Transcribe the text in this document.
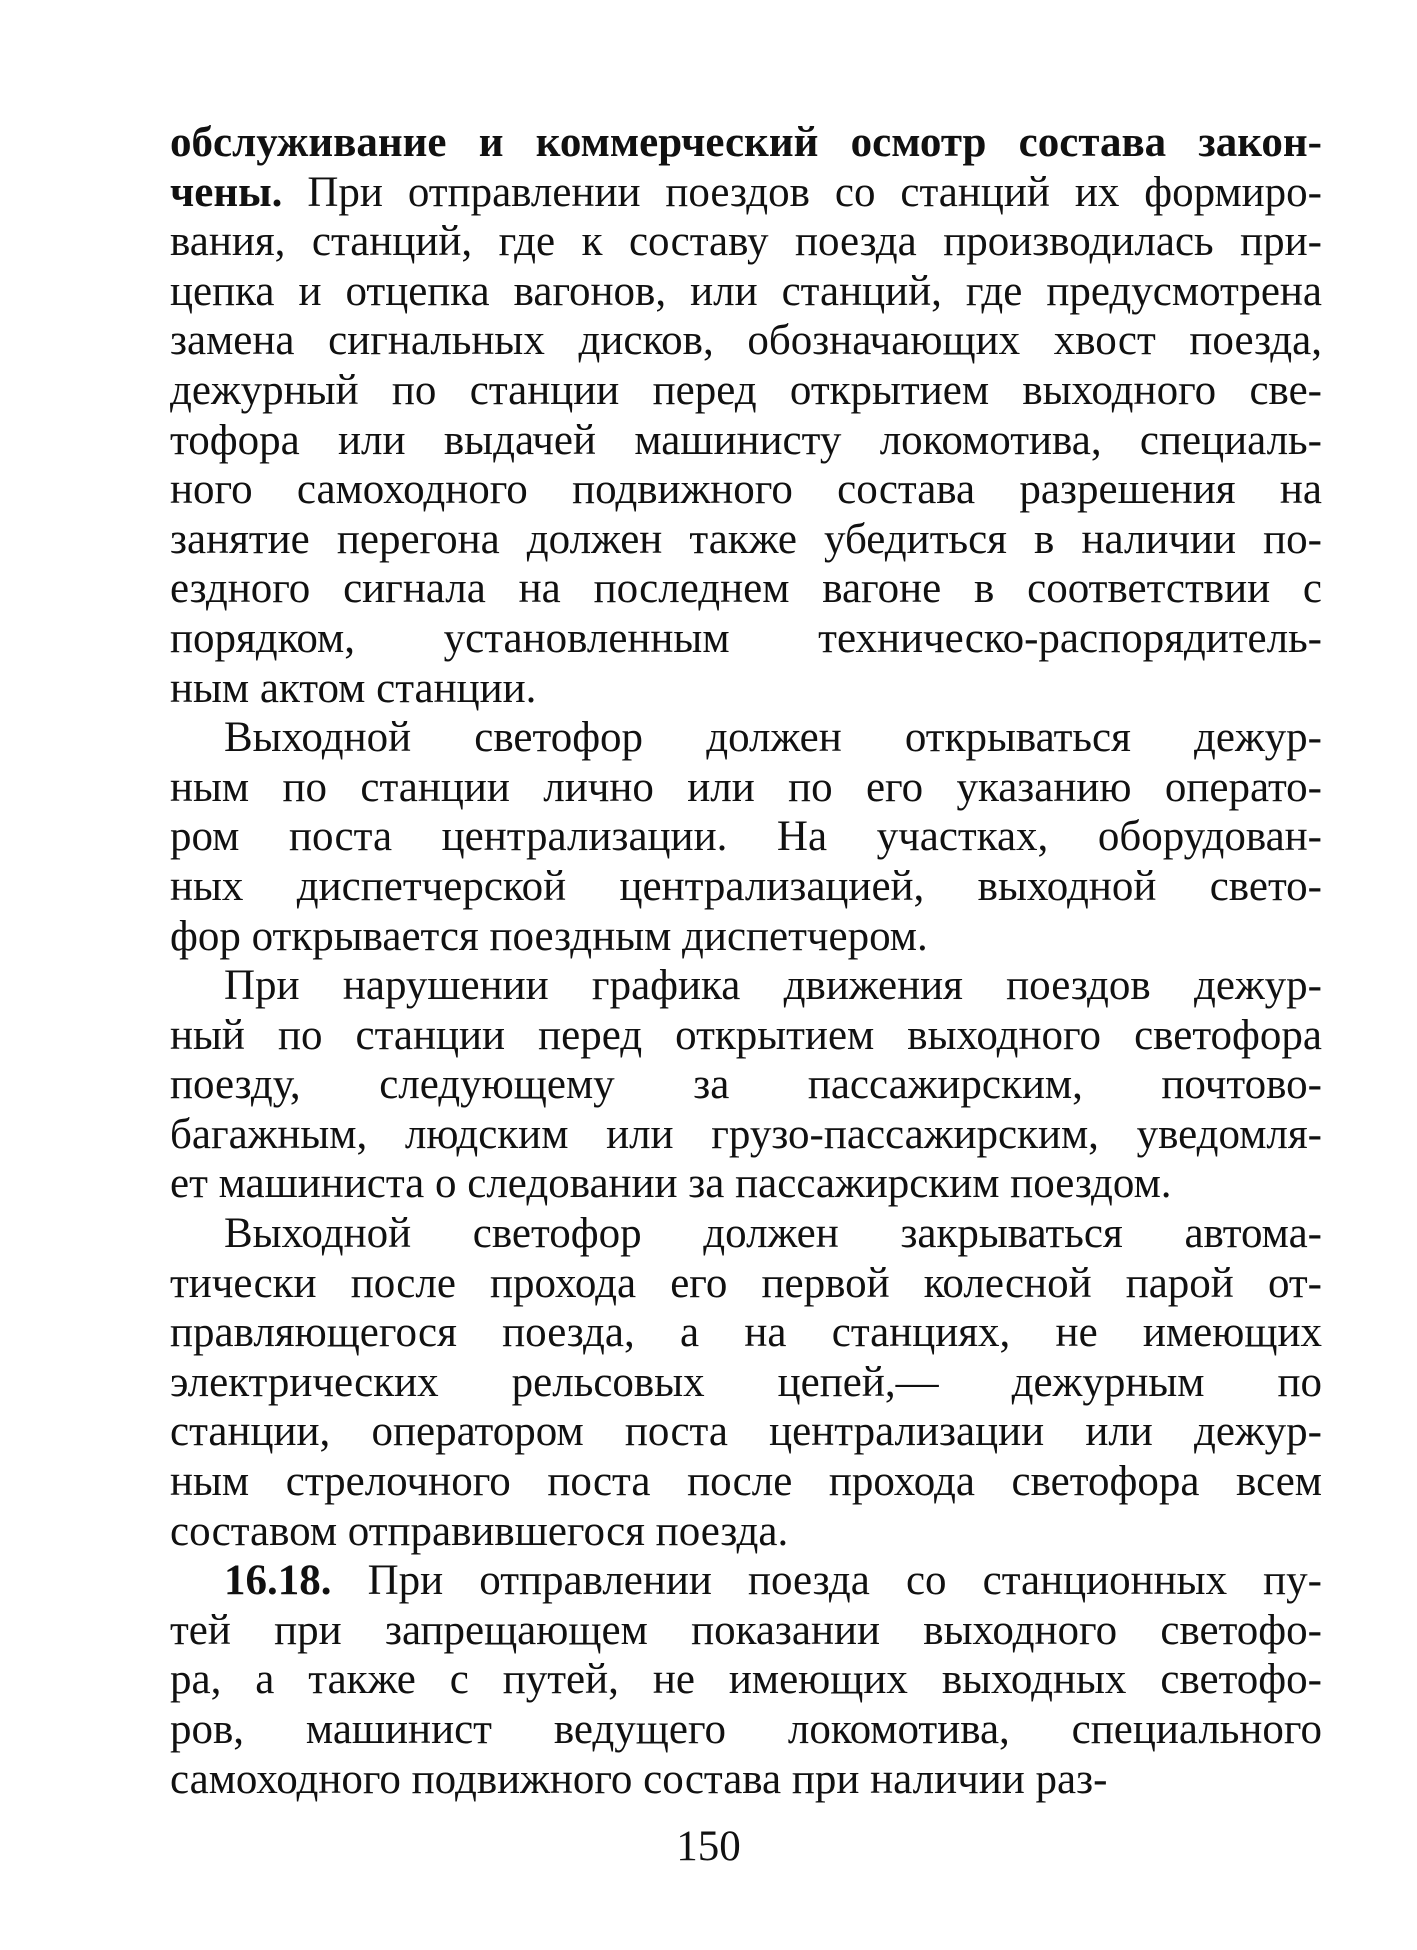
обслуживание и коммерческий осмотр состава закон-
чены. При отправлении поездов со станций их формиро-
вания, станций, где к составу поезда производилась при-
цепка и отцепка вагонов, или станций, где предусмотрена
замена сигнальных дисков, обозначающих хвост поезда,
дежурный по станции перед открытием выходного све-
тофора или выдачей машинисту локомотива, специаль-
ного самоходного подвижного состава разрешения на
занятие перегона должен также убедиться в наличии по-
ездного сигнала на последнем вагоне в соответствии с
порядком, установленным техническо-распорядитель-
ным актом станции.
Выходной светофор должен открываться дежур-
ным по станции лично или по его указанию операто-
ром поста централизации. На участках, оборудован-
ных диспетчерской централизацией, выходной свето-
фор открывается поездным диспетчером.
При нарушении графика движения поездов дежур-
ный по станции перед открытием выходного светофора
поезду, следующему за пассажирским, почтово-
багажным, людским или грузо-пассажирским, уведомля-
ет машиниста о следовании за пассажирским поездом.
Выходной светофор должен закрываться автома-
тически после прохода его первой колесной парой от-
правляющегося поезда, а на станциях, не имеющих
электрических рельсовых цепей,— дежурным по
станции, оператором поста централизации или дежур-
ным стрелочного поста после прохода светофора всем
составом отправившегося поезда.
16.18. При отправлении поезда со станционных пу-
тей при запрещающем показании выходного светофо-
ра, а также с путей, не имеющих выходных светофо-
ров, машинист ведущего локомотива, специального
самоходного подвижного состава при наличии раз-
150
